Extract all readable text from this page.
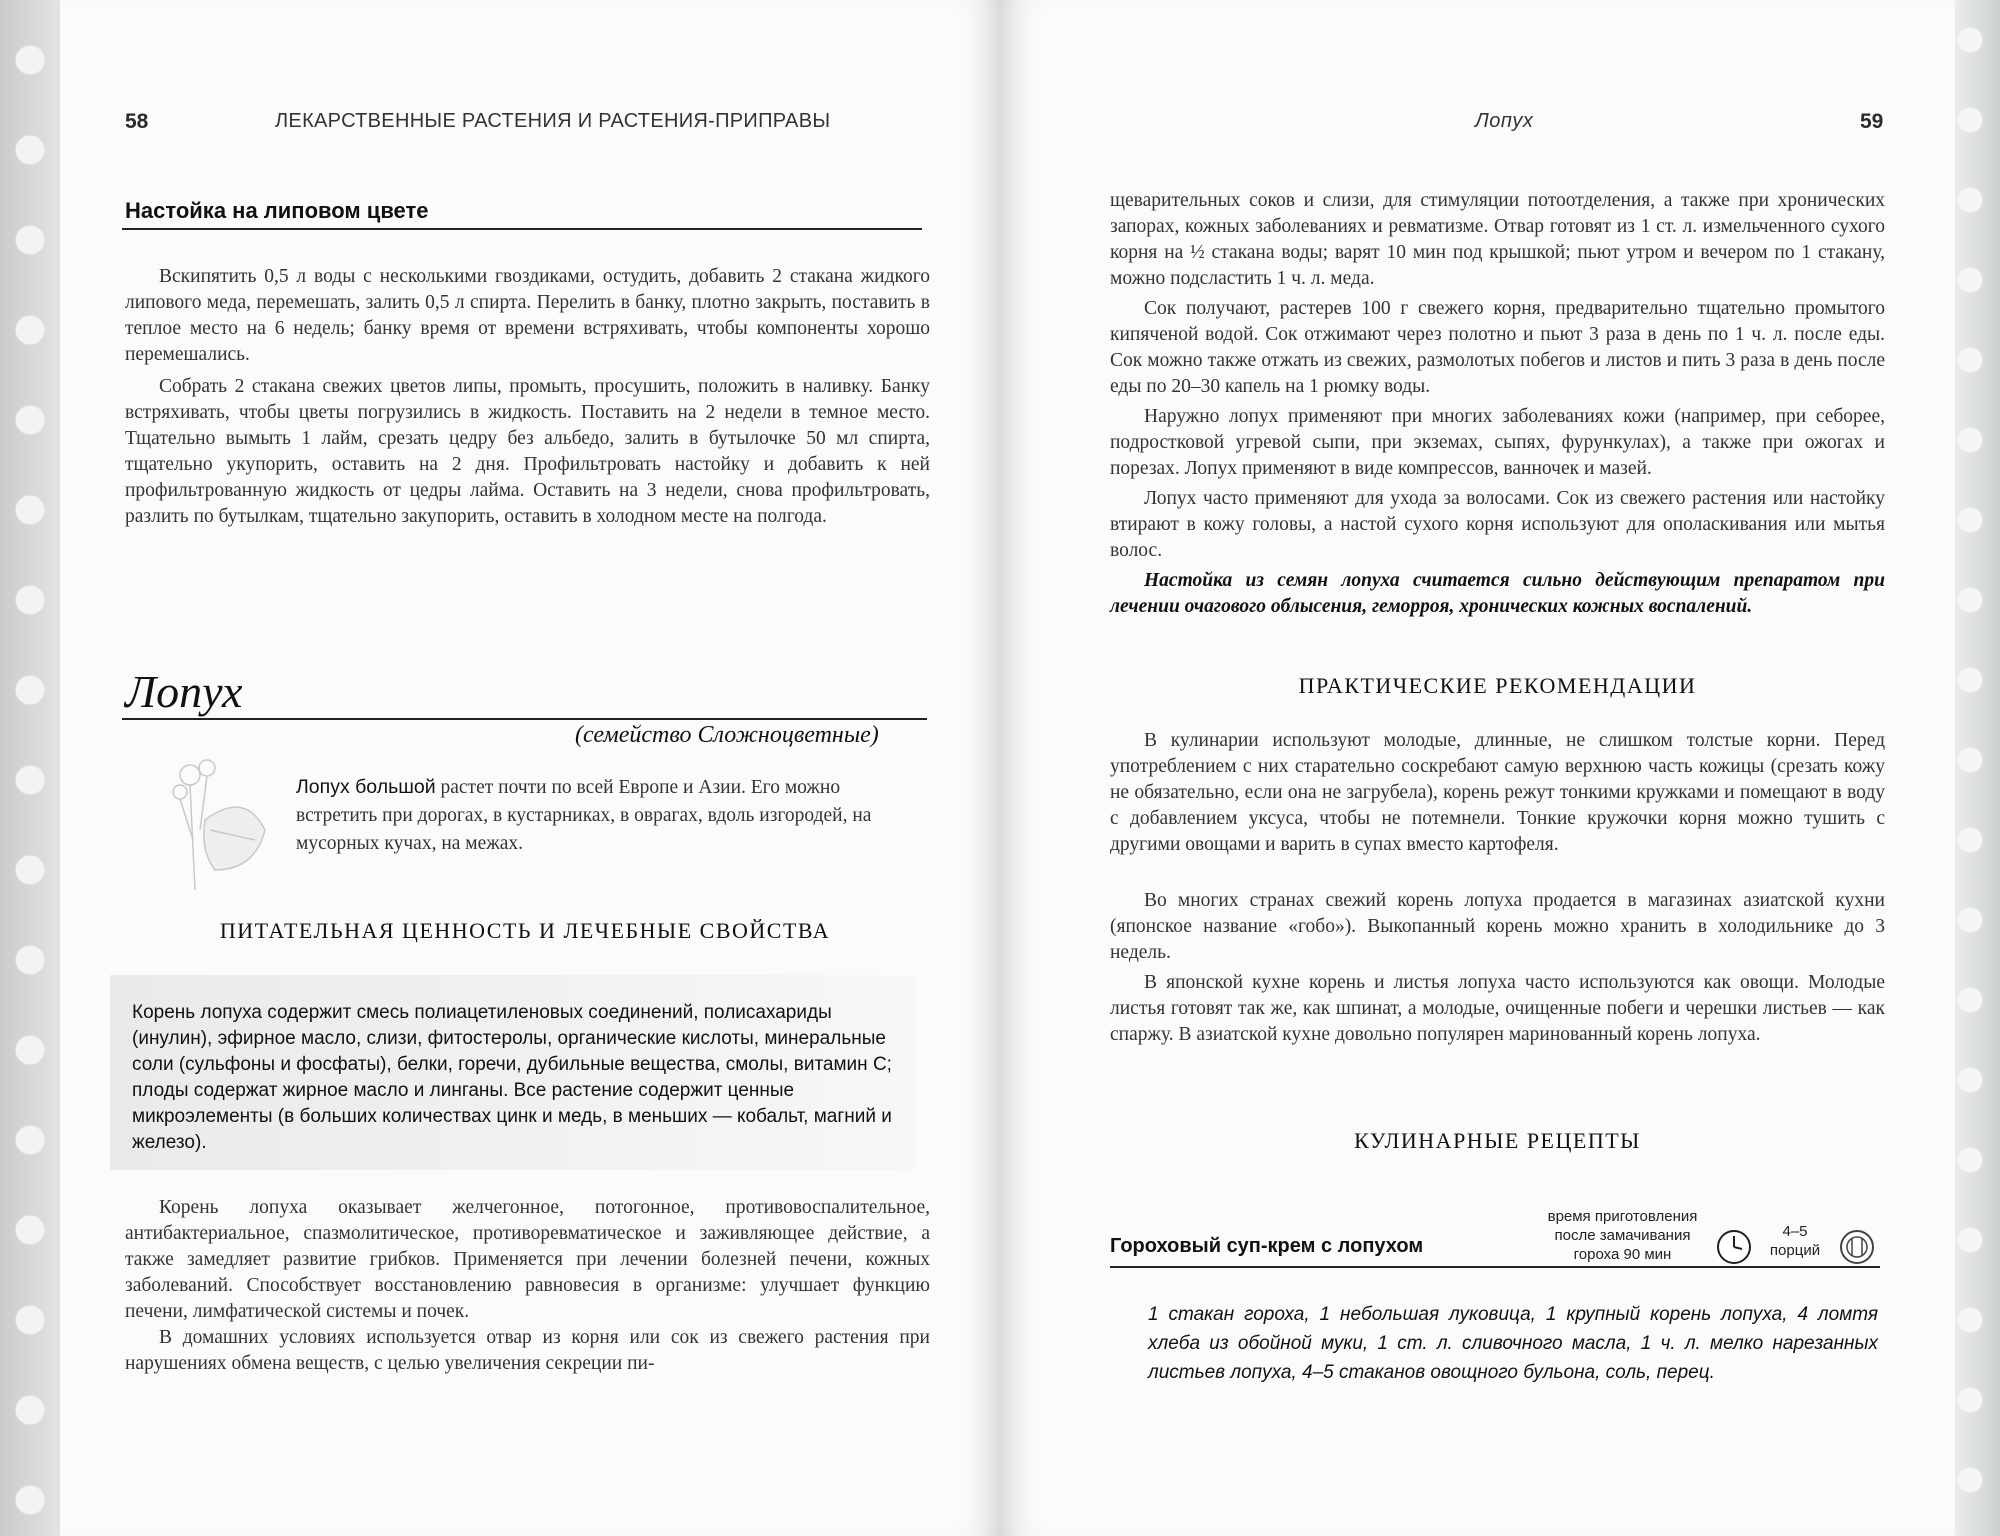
58	ЛЕКАРСТВЕННЫЕ РАСТЕНИЯ И РАСТЕНИЯ-ПРИПРАВЫ
Настойка на липовом цвете

Вскипятить 0,5 л воды с несколькими гвоздиками, остудить, добавить 2 стакана жидкого липового меда, перемешать, залить 0,5 л спирта. Перелить в банку, плотно закрыть, поставить в теплое место на 6 недель; банку время от времени встряхивать, чтобы компоненты хорошо перемешались.

Собрать 2 стакана свежих цветов липы, промыть, просушить, положить в наливку. Банку встряхивать, чтобы цветы погрузились в жидкость. Поставить на 2 недели в темное место. Тщательно вымыть 1 лайм, срезать цедру без альбедо, залить в бутылочке 50 мл спирта, тщательно укупорить, оставить на 2 дня. Профильтровать настойку и добавить к ней профильтрованную жидкость от цедры лайма. Оставить на 3 недели, снова профильтровать, разлить по бутылкам, тщательно закупорить, оставить в холодном месте на полгода.

Лопух
(семейство Сложноцветные)

Лопух большой растет почти по всей Европе и Азии. Его можно встретить при дорогах, в кустарниках, в оврагах, вдоль изгородей, на мусорных кучах, на межах.

ПИТАТЕЛЬНАЯ ЦЕННОСТЬ И ЛЕЧЕБНЫЕ СВОЙСТВА

Корень лопуха содержит смесь полиацетиленовых соединений, полисахариды (инулин), эфирное масло, слизи, фитостеролы, органические кислоты, минеральные соли (сульфоны и фосфаты), белки, горечи, дубильные вещества, смолы, витамин С; плоды содержат жирное масло и линганы. Все растение содержит ценные микроэлементы (в больших количествах цинк и медь, в меньших — кобальт, магний и железо).

Корень лопуха оказывает желчегонное, потогонное, противовоспалительное, антибактериальное, спазмолитическое, противоревматическое и заживляющее действие, а также замедляет развитие грибков. Применяется при лечении болезней печени, кожных заболеваний. Способствует восстановлению равновесия в организме: улучшает функцию печени, лимфатической системы и почек.

В домашних условиях используется отвар из корня или сок из свежего растения при нарушениях обмена веществ, с целью увеличения секреции пи-

Лопух	59

щеварительных соков и слизи, для стимуляции потоотделения, а также при хронических запорах, кожных заболеваниях и ревматизме. Отвар готовят из 1 ст. л. измельченного сухого корня на ½ стакана воды; варят 10 мин под крышкой; пьют утром и вечером по 1 стакану, можно подсластить 1 ч. л. меда.

Сок получают, растерев 100 г свежего корня, предварительно тщательно промытого кипяченой водой. Сок отжимают через полотно и пьют 3 раза в день по 1 ч. л. после еды. Сок можно также отжать из свежих, размолотых побегов и листов и пить 3 раза в день после еды по 20–30 капель на 1 рюмку воды.

Наружно лопух применяют при многих заболеваниях кожи (например, при себорее, подростковой угревой сыпи, при экземах, сыпях, фурункулах), а также при ожогах и порезах. Лопух применяют в виде компрессов, ванночек и мазей.

Лопух часто применяют для ухода за волосами. Сок из свежего растения или настойку втирают в кожу головы, а настой сухого корня используют для ополаскивания или мытья волос.

Настойка из семян лопуха считается сильно действующим препаратом при лечении очагового облысения, геморроя, хронических кожных воспалений.

ПРАКТИЧЕСКИЕ РЕКОМЕНДАЦИИ

В кулинарии используют молодые, длинные, не слишком толстые корни. Перед употреблением с них старательно соскребают самую верхнюю часть кожицы (срезать кожу не обязательно, если она не загрубела), корень режут тонкими кружками и помещают в воду с добавлением уксуса, чтобы не потемнели. Тонкие кружочки корня можно тушить с другими овощами и варить в супах вместо картофеля.

Во многих странах свежий корень лопуха продается в магазинах азиатской кухни (японское название «гобо»). Выкопанный корень можно хранить в холодильнике до 3 недель.

В японской кухне корень и листья лопуха часто используются как овощи. Молодые листья готовят так же, как шпинат, а молодые, очищенные побеги и черешки листьев — как спаржу. В азиатской кухне довольно популярен маринованный корень лопуха.

КУЛИНАРНЫЕ РЕЦЕПТЫ
Гороховый суп-крем с лопухом
время приготовления
после замачивания
гороха 90 мин
4–5
порций

1 стакан гороха, 1 небольшая луковица, 1 крупный корень лопуха, 4 ломтя хлеба из обойной муки, 1 ст. л. сливочного масла, 1 ч. л. мелко нарезанных листьев лопуха, 4–5 стаканов овощного бульона, соль, перец.
